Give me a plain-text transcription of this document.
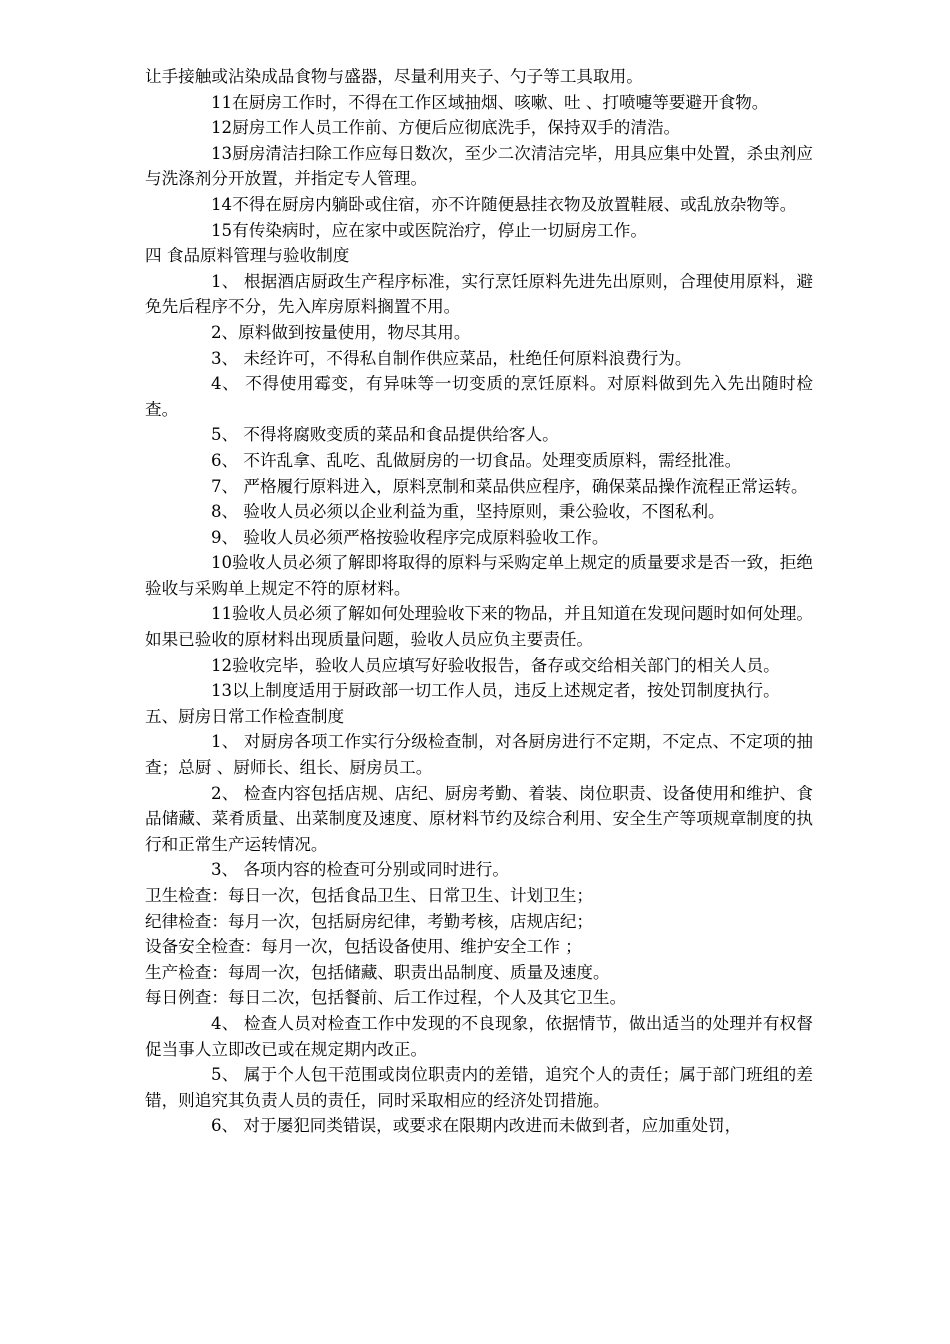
让手接触或沾染成品食物与盛器，尽量利用夹子、勺子等工具取用。

11在厨房工作时，不得在工作区域抽烟、咳嗽、吐 、打喷嚏等要避开食物。

12厨房工作人员工作前、方便后应彻底洗手，保持双手的清浩。

13厨房清洁扫除工作应每日数次，至少二次清洁完毕，用具应集中处置，杀虫剂应与洗涤剂分开放置，并指定专人管理。

14不得在厨房内躺卧或住宿，亦不许随便悬挂衣物及放置鞋屐、或乱放杂物等。

15有传染病时，应在家中或医院治疗，停止一切厨房工作。

四 食品原料管理与验收制度

1、 根据酒店厨政生产程序标准，实行烹饪原料先进先出原则，合理使用原料，避免先后程序不分，先入库房原料搁置不用。

2、原料做到按量使用，物尽其用。

3、 未经许可，不得私自制作供应菜品，杜绝任何原料浪费行为。

4、 不得使用霉变，有异味等一切变质的烹饪原料。对原料做到先入先出随时检查。

5、 不得将腐败变质的菜品和食品提供给客人。

6、 不许乱拿、乱吃、乱做厨房的一切食品。处理变质原料，需经批准。

7、 严格履行原料进入，原料烹制和菜品供应程序，确保菜品操作流程正常运转。

8、 验收人员必须以企业利益为重，坚持原则，秉公验收，不图私利。

9、 验收人员必须严格按验收程序完成原料验收工作。

10验收人员必须了解即将取得的原料与采购定单上规定的质量要求是否一致，拒绝验收与采购单上规定不符的原材料。

11验收人员必须了解如何处理验收下来的物品，并且知道在发现问题时如何处理。如果已验收的原材料出现质量问题，验收人员应负主要责任。

12验收完毕，验收人员应填写好验收报告，备存或交给相关部门的相关人员。

13以上制度适用于厨政部一切工作人员，违反上述规定者，按处罚制度执行。

五、厨房日常工作检查制度

1、 对厨房各项工作实行分级检查制，对各厨房进行不定期，不定点、不定项的抽查；总厨 、厨师长、组长、厨房员工。

2、 检查内容包括店规、店纪、厨房考勤、着装、岗位职责、设备使用和维护、食品储藏、菜肴质量、出菜制度及速度、原材料节约及综合利用、安全生产等项规章制度的执行和正常生产运转情况。

3、 各项内容的检查可分别或同时进行。

卫生检查：每日一次，包括食品卫生、日常卫生、计划卫生；

纪律检查：每月一次，包括厨房纪律，考勤考核，店规店纪；

设备安全检查：每月一次，包括设备使用、维护安全工作 ；

生产检查：每周一次，包括储藏、职责出品制度、质量及速度。

每日例查：每日二次，包括餐前、后工作过程，个人及其它卫生。

4、 检查人员对检查工作中发现的不良现象，依据情节，做出适当的处理并有权督促当事人立即改已或在规定期内改正。

5、 属于个人包干范围或岗位职责内的差错，追究个人的责任；属于部门班组的差错，则追究其负责人员的责任，同时采取相应的经济处罚措施。

6、 对于屡犯同类错误，或要求在限期内改进而未做到者，应加重处罚，
